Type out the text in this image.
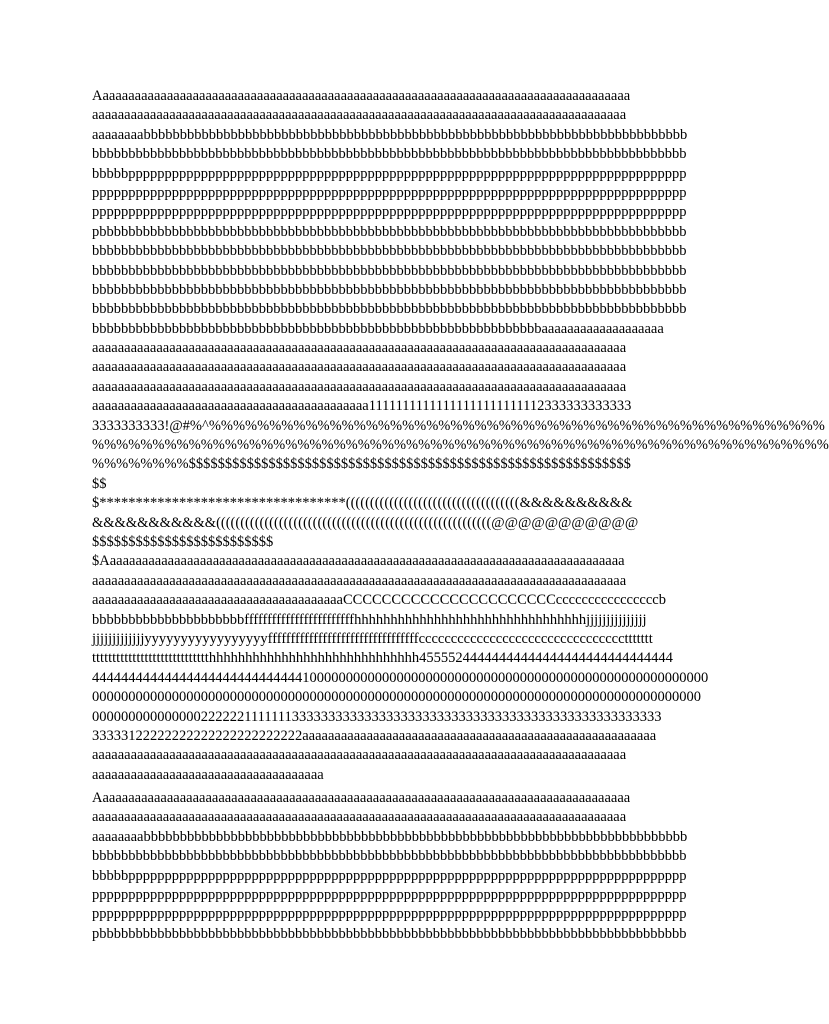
Aaaaaaaaaaaaaaaaaaaaaaaaaaaaaaaaaaaaaaaaaaaaaaaaaaaaaaaaaaaaaaaaaaaaaaaaaaaaaaaaaaa
aaaaaaaaaaaaaaaaaaaaaaaaaaaaaaaaaaaaaaaaaaaaaaaaaaaaaaaaaaaaaaaaaaaaaaaaaaaaaaaaaaa
aaaaaaaabbbbbbbbbbbbbbbbbbbbbbbbbbbbbbbbbbbbbbbbbbbbbbbbbbbbbbbbbbbbbbbbbbbbbbbbbbb
bbbbbbbbbbbbbbbbbbbbbbbbbbbbbbbbbbbbbbbbbbbbbbbbbbbbbbbbbbbbbbbbbbbbbbbbbbbbbbbbbb
bbbbbppppppppppppppppppppppppppppppppppppppppppppppppppppppppppppppppppppppppppppp
pppppppppppppppppppppppppppppppppppppppppppppppppppppppppppppppppppppppppppppppppp
pppppppppppppppppppppppppppppppppppppppppppppppppppppppppppppppppppppppppppppppppp
pbbbbbbbbbbbbbbbbbbbbbbbbbbbbbbbbbbbbbbbbbbbbbbbbbbbbbbbbbbbbbbbbbbbbbbbbbbbbbbbbb
bbbbbbbbbbbbbbbbbbbbbbbbbbbbbbbbbbbbbbbbbbbbbbbbbbbbbbbbbbbbbbbbbbbbbbbbbbbbbbbbbb
bbbbbbbbbbbbbbbbbbbbbbbbbbbbbbbbbbbbbbbbbbbbbbbbbbbbbbbbbbbbbbbbbbbbbbbbbbbbbbbbbb
bbbbbbbbbbbbbbbbbbbbbbbbbbbbbbbbbbbbbbbbbbbbbbbbbbbbbbbbbbbbbbbbbbbbbbbbbbbbbbbbbb
bbbbbbbbbbbbbbbbbbbbbbbbbbbbbbbbbbbbbbbbbbbbbbbbbbbbbbbbbbbbbbbbbbbbbbbbbbbbbbbbbb
bbbbbbbbbbbbbbbbbbbbbbbbbbbbbbbbbbbbbbbbbbbbbbbbbbbbbbbbbbbbbbaaaaaaaaaaaaaaaaaaa
aaaaaaaaaaaaaaaaaaaaaaaaaaaaaaaaaaaaaaaaaaaaaaaaaaaaaaaaaaaaaaaaaaaaaaaaaaaaaaaaaaa
aaaaaaaaaaaaaaaaaaaaaaaaaaaaaaaaaaaaaaaaaaaaaaaaaaaaaaaaaaaaaaaaaaaaaaaaaaaaaaaaaaa
aaaaaaaaaaaaaaaaaaaaaaaaaaaaaaaaaaaaaaaaaaaaaaaaaaaaaaaaaaaaaaaaaaaaaaaaaaaaaaaaaaa
aaaaaaaaaaaaaaaaaaaaaaaaaaaaaaaaaaaaaaaaaaa11111111111111111111111112333333333333
3333333333!@#%^%%%%%%%%%%%%%%%%%%%%%%%%%%%%%%%%%%%%%%%%%%%%%%%%%%%
%%%%%%%%%%%%%%%%%%%%%%%%%%%%%%%%%%%%%%%%%%%%%%%%%%%%%%%%%%%%%
%%%%%%%%$$$$$$$$$$$$$$$$$$$$$$$$$$$$$$$$$$$$$$$$$$$$$$$$$$$$$$$$$$$$$
$$
$**********************************((((((((((((((((((((((((((((((((((((&&&&&&&&&&
&&&&&&&&&&&(((((((((((((((((((((((((((((((((((((((((((((((((((((((((@@@@@@@@@@@
$$$$$$$$$$$$$$$$$$$$$$$$$
$Aaaaaaaaaaaaaaaaaaaaaaaaaaaaaaaaaaaaaaaaaaaaaaaaaaaaaaaaaaaaaaaaaaaaaaaaaaaaaaaaa
aaaaaaaaaaaaaaaaaaaaaaaaaaaaaaaaaaaaaaaaaaaaaaaaaaaaaaaaaaaaaaaaaaaaaaaaaaaaaaaaaaa
aaaaaaaaaaaaaaaaaaaaaaaaaaaaaaaaaaaaaaaCCCCCCCCCCCCCCCCCCCCCCccccccccccccccccb
bbbbbbbbbbbbbbbbbbbbbffffffffffffffffffffffffhhhhhhhhhhhhhhhhhhhhhhhhhhhhhhhhjjjjjjjjjjjjjjj
jjjjjjjjjjjjjyyyyyyyyyyyyyyyyyfffffffffffffffffffffffffffffffffccccccccccccccccccccccccccccccccttttttt
ttttttttttttttttttttttttttttthhhhhhhhhhhhhhhhhhhhhhhhhhhhh45555244444444444444444444444444444
4444444444444444444444444444410000000000000000000000000000000000000000000000000000000
000000000000000000000000000000000000000000000000000000000000000000000000000000000000
0000000000000002222221111111333333333333333333333333333333333333333333333333333
33333122222222222222222222222aaaaaaaaaaaaaaaaaaaaaaaaaaaaaaaaaaaaaaaaaaaaaaaaaaaaaaa
aaaaaaaaaaaaaaaaaaaaaaaaaaaaaaaaaaaaaaaaaaaaaaaaaaaaaaaaaaaaaaaaaaaaaaaaaaaaaaaaaaa
aaaaaaaaaaaaaaaaaaaaaaaaaaaaaaaaaaaa
Aaaaaaaaaaaaaaaaaaaaaaaaaaaaaaaaaaaaaaaaaaaaaaaaaaaaaaaaaaaaaaaaaaaaaaaaaaaaaaaaaaa
aaaaaaaaaaaaaaaaaaaaaaaaaaaaaaaaaaaaaaaaaaaaaaaaaaaaaaaaaaaaaaaaaaaaaaaaaaaaaaaaaaa
aaaaaaaabbbbbbbbbbbbbbbbbbbbbbbbbbbbbbbbbbbbbbbbbbbbbbbbbbbbbbbbbbbbbbbbbbbbbbbbbbb
bbbbbbbbbbbbbbbbbbbbbbbbbbbbbbbbbbbbbbbbbbbbbbbbbbbbbbbbbbbbbbbbbbbbbbbbbbbbbbbbbb
bbbbbppppppppppppppppppppppppppppppppppppppppppppppppppppppppppppppppppppppppppppp
pppppppppppppppppppppppppppppppppppppppppppppppppppppppppppppppppppppppppppppppppp
pppppppppppppppppppppppppppppppppppppppppppppppppppppppppppppppppppppppppppppppppp
pbbbbbbbbbbbbbbbbbbbbbbbbbbbbbbbbbbbbbbbbbbbbbbbbbbbbbbbbbbbbbbbbbbbbbbbbbbbbbbbbb
